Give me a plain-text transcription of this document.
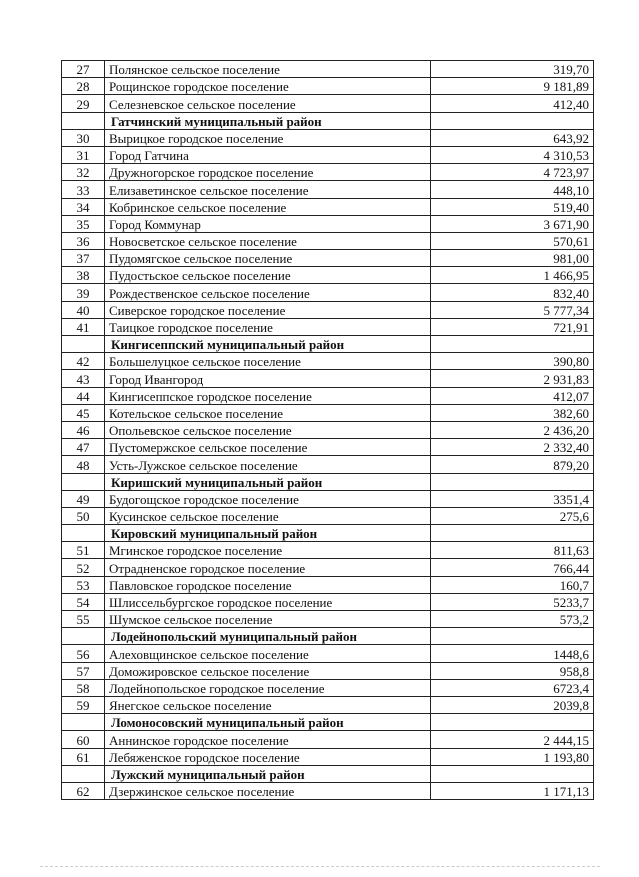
27	Полянское сельское поселение	319,70
28	Рощинское городское поселение	9 181,89
29	Селезневское сельское поселение	412,40
	Гатчинский муниципальный район	
30	Вырицкое городское поселение	643,92
31	Город Гатчина	4 310,53
32	Дружногорское городское поселение	4 723,97
33	Елизаветинское сельское поселение	448,10
34	Кобринское сельское поселение	519,40
35	Город Коммунар	3 671,90
36	Новосветское сельское поселение	570,61
37	Пудомягское сельское поселение	981,00
38	Пудостьское сельское поселение	1 466,95
39	Рождественское сельское поселение	832,40
40	Сиверское городское поселение	5 777,34
41	Таицкое городское поселение	721,91
	Кингисеппский муниципальный район	
42	Большелуцкое сельское поселение	390,80
43	Город Ивангород	2 931,83
44	Кингисеппское городское поселение	412,07
45	Котельское сельское поселение	382,60
46	Опольевское сельское поселение	2 436,20
47	Пустомержское сельское поселение	2 332,40
48	Усть-Лужское сельское поселение	879,20
	Киришский муниципальный район	
49	Будогощское городское поселение	3351,4
50	Кусинское сельское поселение	275,6
	Кировский муниципальный район	
51	Мгинское городское поселение	811,63
52	Отрадненское городское поселение	766,44
53	Павловское городское поселение	160,7
54	Шлиссельбургское городское поселение	5233,7
55	Шумское сельское поселение	573,2
	Лодейнопольский муниципальный район	
56	Алеховщинское сельское поселение	1448,6
57	Доможировское сельское поселение	958,8
58	Лодейнопольское городское поселение	6723,4
59	Янегское сельское поселение	2039,8
	Ломоносовский муниципальный район	
60	Аннинское городское поселение	2 444,15
61	Лебяженское городское поселение	1 193,80
	Лужский муниципальный район	
62	Дзержинское сельское поселение	1 171,13
